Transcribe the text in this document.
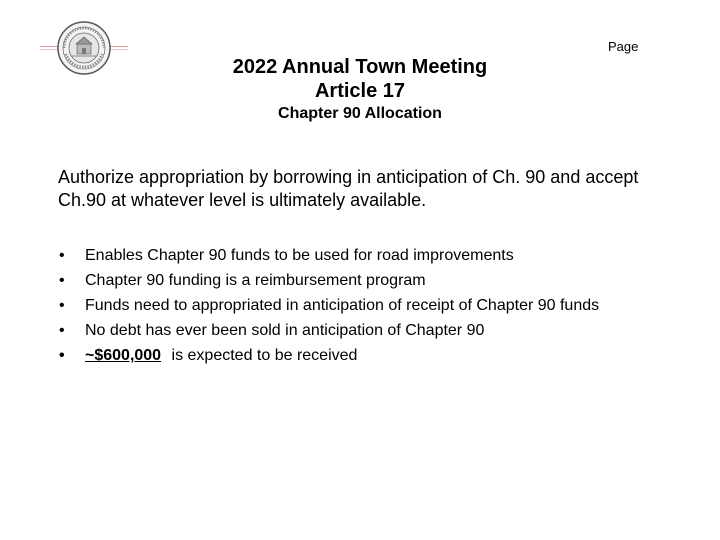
Page
2022 Annual Town Meeting
Article 17
Chapter 90 Allocation
Authorize appropriation by borrowing in anticipation of Ch. 90 and accept Ch.90 at whatever level is ultimately available.
• Enables Chapter 90 funds to be used for road improvements
• Chapter 90 funding is a reimbursement program
• Funds need to appropriated in anticipation of receipt of Chapter 90 funds
• No debt has ever been sold in anticipation of Chapter 90
• ~$600,000 is expected to be received
